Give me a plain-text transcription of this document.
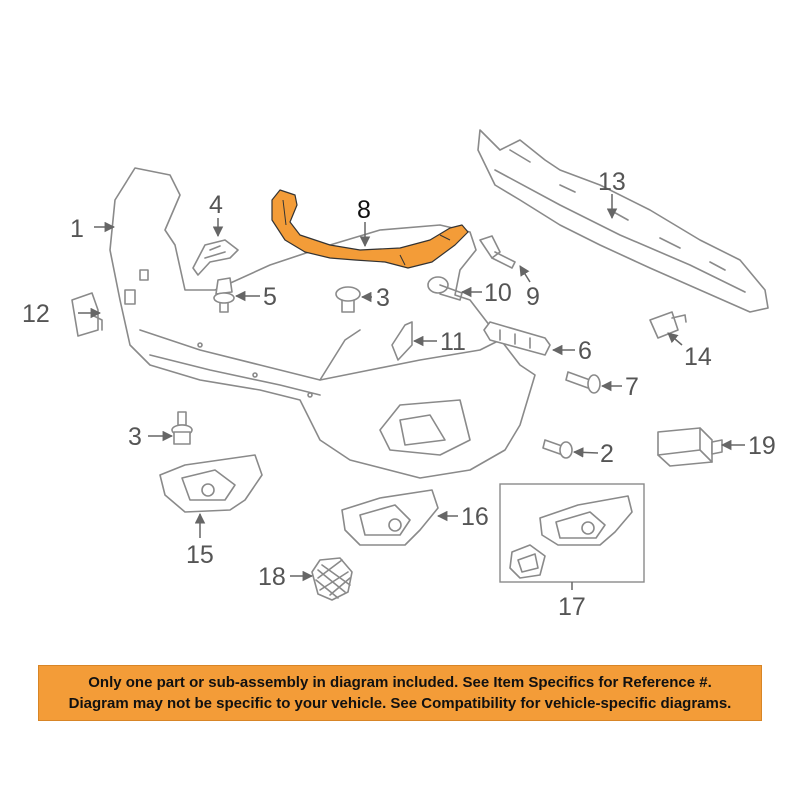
1
2
3
3
4
5
6
7
8
9
10
11
12
13
14
15
16
17
18
19
Only one part or sub-assembly in diagram included. See Item Specifics for Reference #.
Diagram may not be specific to your vehicle. See Compatibility for vehicle-specific diagrams.
